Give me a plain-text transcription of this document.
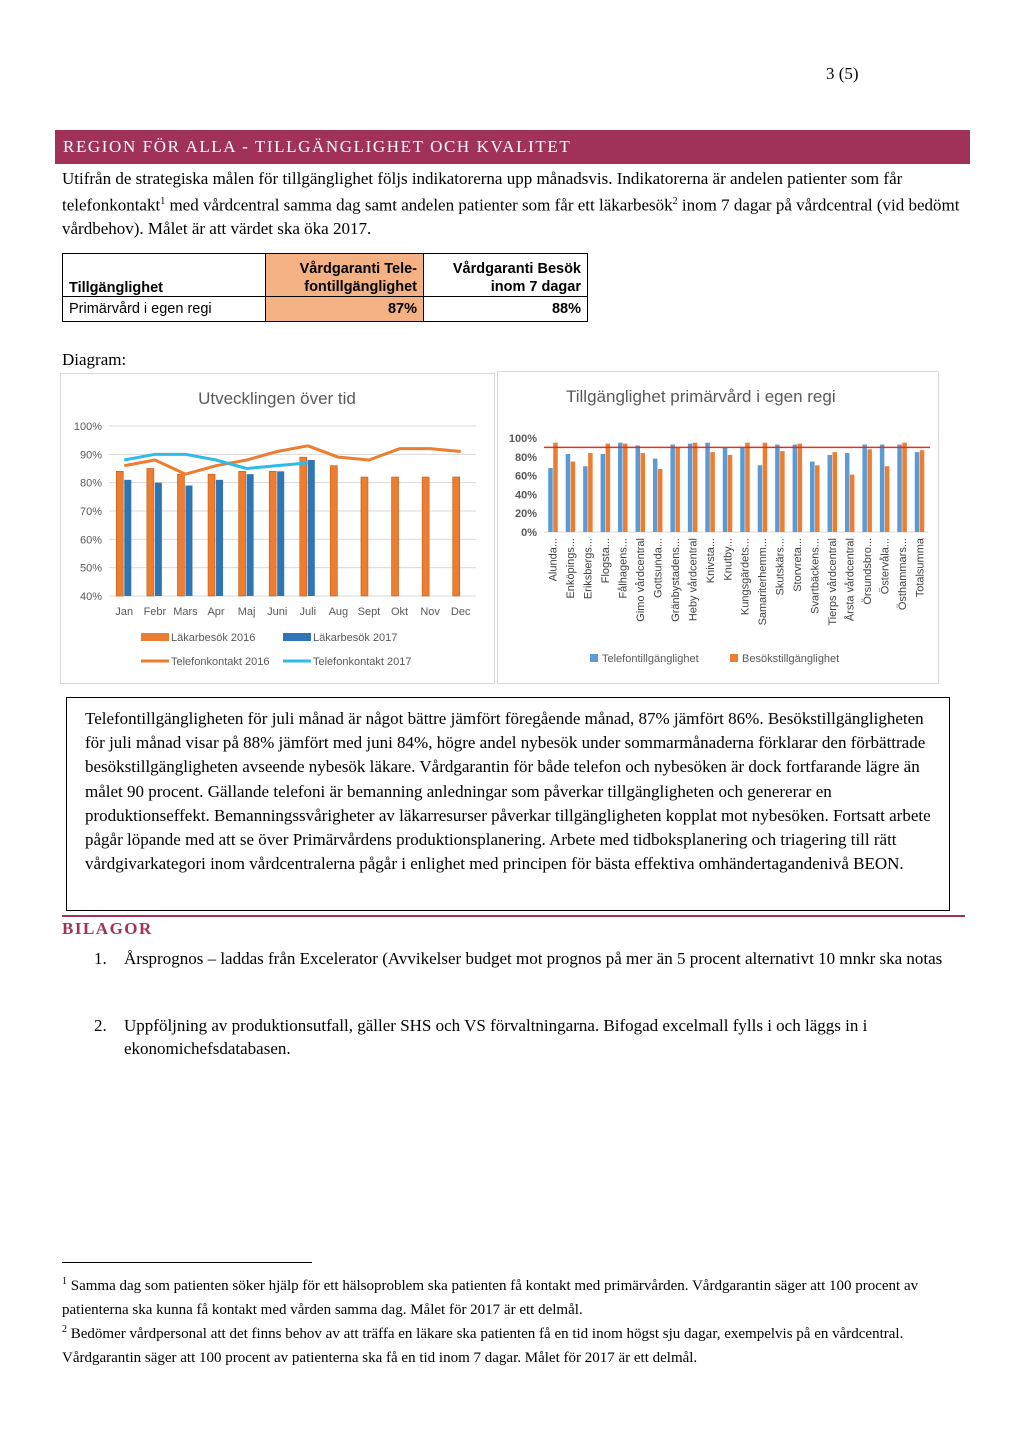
3 (5)
REGION FÖR ALLA - TILLGÄNGLIGHET OCH KVALITET
Utifrån de strategiska målen för tillgänglighet följs indikatorerna upp månadsvis. Indikatorerna är andelen patienter som får telefonkontakt$^1$ med vårdcentral samma dag samt andelen patienter som får ett läkarbesök$^2$ inom 7 dagar på vårdcentral (vid bedömt vårdbehov). Målet är att värdet ska öka 2017.
Tillgänglighet	Vårdgaranti Tele-fontillgänglighet	Vårdgaranti Besök inom 7 dagar
Primärvård i egen regi	87%	88%
Diagram:
Utvecklingen över tid
100%
90%
80%
70%
60%
50%
40%
Jan Febr Mars Apr Maj Juni Juli Aug Sept Okt Nov Dec
Läkarbesök 2016	Läkarbesök 2017
Telefonkontakt 2016	Telefonkontakt 2017
Tillgänglighet primärvård i egen regi
100%
80%
60%
40%
20%
0%
Alunda... Enköpings... Eriksbergs... Flogsta... Fålhagens... Gimo vårdcentral Gottsunda... Gränbystadens... Heby vårdcentral Knivsta... Knutby... Kungsgärdets... Samariterhemm... Skutskärs... Storvreta... Svartbäckens... Tierps vårdcentral Årsta vårdcentral Örsundsbro... Östervåla... Östhammars... Totalsumma
Telefontillgänglighet	Besökstillgänglighet
Telefontillgängligheten för juli månad är något bättre jämfört föregående månad, 87% jämfört 86%. Besökstillgängligheten för juli månad visar på 88% jämfört med juni 84%, högre andel nybesök under sommarmånaderna förklarar den förbättrade besökstillgängligheten avseende nybesök läkare. Vårdgarantin för både telefon och nybesöken är dock fortfarande lägre än målet 90 procent. Gällande telefoni är bemanning anledningar som påverkar tillgängligheten och genererar en produktionseffekt. Bemanningssvårigheter av läkarresurser påverkar tillgängligheten kopplat mot nybesöken. Fortsatt arbete pågår löpande med att se över Primärvårdens produktionsplanering. Arbete med tidboksplanering och triagering till rätt vårdgivarkategori inom vårdcentralerna pågår i enlighet med principen för bästa effektiva omhändertagandenivå BEON.
BILAGOR
1. Årsprognos – laddas från Excelerator (Avvikelser budget mot prognos på mer än 5 procent alternativt 10 mnkr ska notas
2. Uppföljning av produktionsutfall, gäller SHS och VS förvaltningarna. Bifogad excelmall fylls i och läggs in i ekonomichefsdatabasen.
$^1$ Samma dag som patienten söker hjälp för ett hälsoproblem ska patienten få kontakt med primärvården. Vårdgarantin säger att 100 procent av patienterna ska kunna få kontakt med vården samma dag. Målet för 2017 är ett delmål.
$^2$ Bedömer vårdpersonal att det finns behov av att träffa en läkare ska patienten få en tid inom högst sju dagar, exempelvis på en vårdcentral. Vårdgarantin säger att 100 procent av patienterna ska få en tid inom 7 dagar. Målet för 2017 är ett delmål.
